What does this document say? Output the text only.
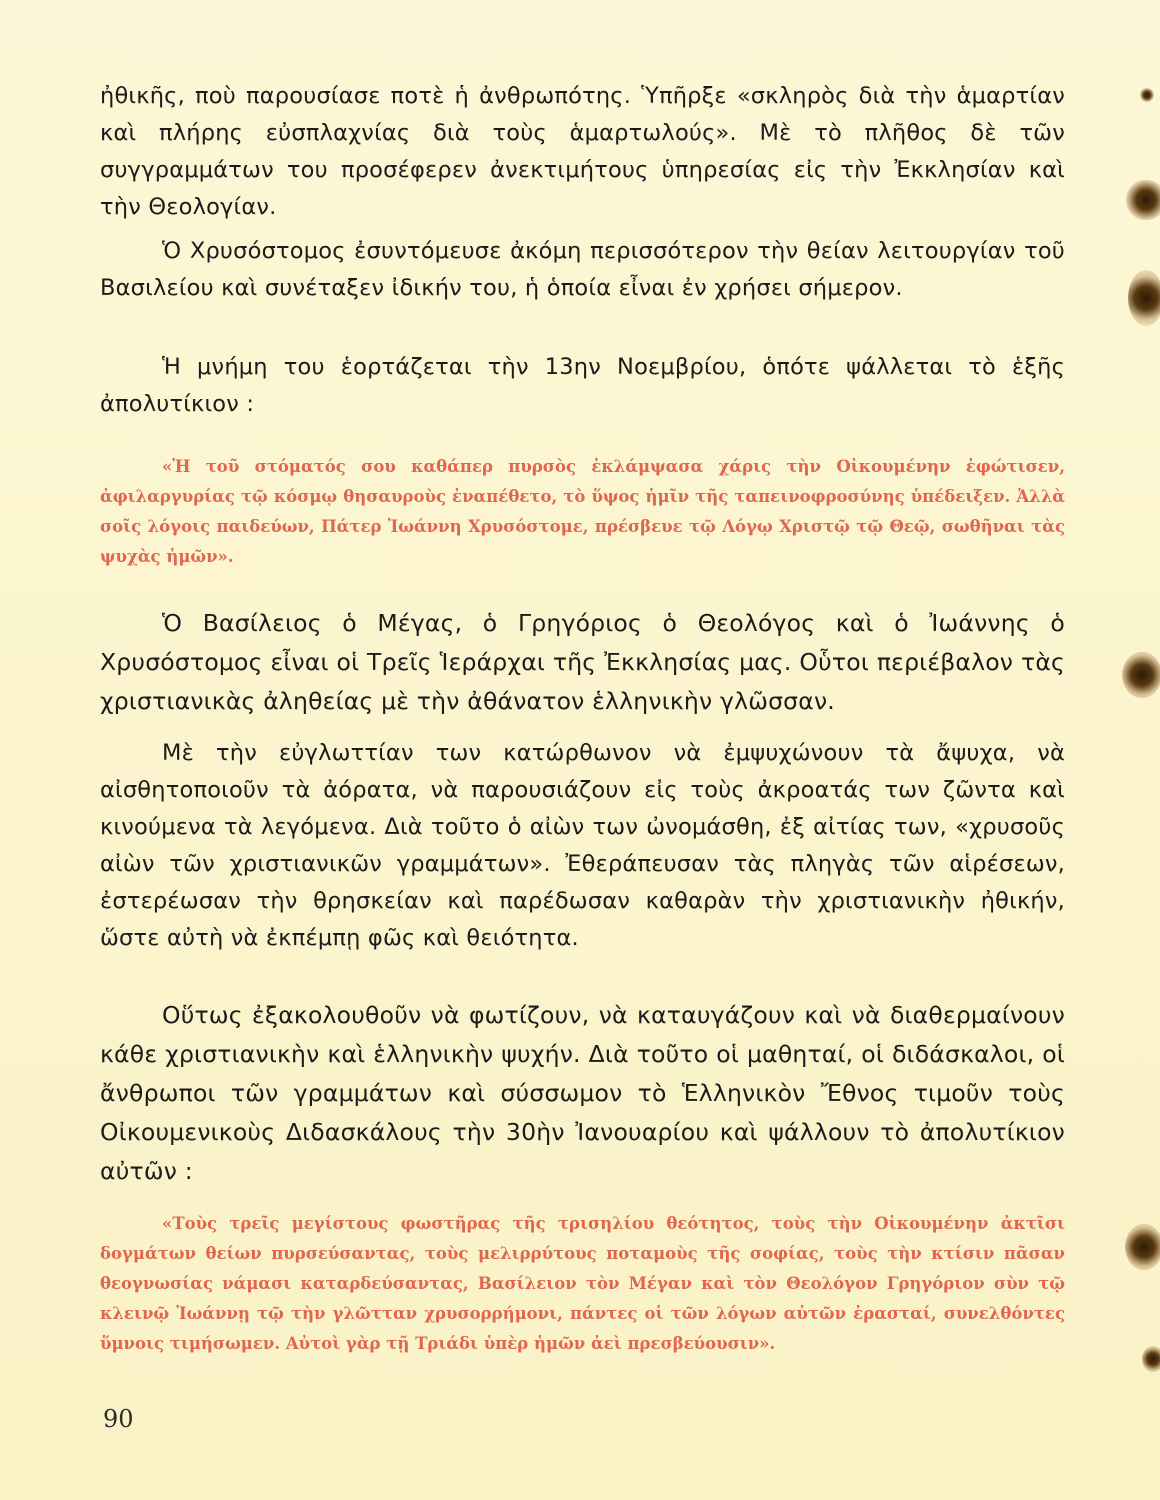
ἠθικῆς, ποὺ παρουσίασε ποτὲ ἡ ἀνθρωπότης. Ὑπῆρξε «σκληρὸς διὰ τὴν ἁμαρτίαν καὶ πλήρης εὐσπλαχνίας διὰ τοὺς ἁμαρτωλούς». Μὲ τὸ πλῆθος δὲ τῶν συγγραμμάτων του προσέφερεν ἀνεκτιμήτους ὑπηρεσίας εἰς τὴν Ἐκκλησίαν καὶ τὴν Θεολογίαν.

Ὁ Χρυσόστομος ἐσυντόμευσε ἀκόμη περισσότερον τὴν θείαν λειτουργίαν τοῦ Βασιλείου καὶ συνέταξεν ἰδικήν του, ἡ ὁποία εἶναι ἐν χρήσει σήμερον.

Ἡ μνήμη του ἑορτάζεται τὴν 13ην Νοεμβρίου, ὁπότε ψάλλεται τὸ ἑξῆς ἀπολυτίκιον :

«Ἡ τοῦ στόματός σου καθάπερ πυρσὸς ἐκλάμψασα χάρις τὴν Οἰκουμένην ἐφώτισεν, ἀφιλαργυρίας τῷ κόσμῳ θησαυροὺς ἐναπέθετο, τὸ ὕψος ἡμῖν τῆς ταπεινοφροσύνης ὑπέδειξεν. Ἀλλὰ σοῖς λόγοις παιδεύων, Πάτερ Ἰωάννη Χρυσόστομε, πρέσβευε τῷ Λόγῳ Χριστῷ τῷ Θεῷ, σωθῆναι τὰς ψυχὰς ἡμῶν».

Ὁ Βασίλειος ὁ Μέγας, ὁ Γρηγόριος ὁ Θεολόγος καὶ ὁ Ἰωάννης ὁ Χρυσόστομος εἶναι οἱ Τρεῖς Ἱεράρχαι τῆς Ἐκκλησίας μας. Οὗτοι περιέβαλον τὰς χριστιανικὰς ἀληθείας μὲ τὴν ἀθάνατον ἑλληνικὴν γλῶσσαν.

Μὲ τὴν εὐγλωττίαν των κατώρθωνον νὰ ἐμψυχώνουν τὰ ἄψυχα, νὰ αἰσθητοποιοῦν τὰ ἀόρατα, νὰ παρουσιάζουν εἰς τοὺς ἀκροατάς των ζῶντα καὶ κινούμενα τὰ λεγόμενα. Διὰ τοῦτο ὁ αἰὼν των ὠνομάσθη, ἐξ αἰτίας των, «χρυσοῦς αἰὼν τῶν χριστιανικῶν γραμμάτων». Ἐθεράπευσαν τὰς πληγὰς τῶν αἱρέσεων, ἐστερέωσαν τὴν θρησκείαν καὶ παρέδωσαν καθαρὰν τὴν χριστιανικὴν ἠθικήν, ὥστε αὐτὴ νὰ ἐκπέμπῃ φῶς καὶ θειότητα.

Οὕτως ἐξακολουθοῦν νὰ φωτίζουν, νὰ καταυγάζουν καὶ νὰ διαθερμαίνουν κάθε χριστιανικὴν καὶ ἑλληνικὴν ψυχήν. Διὰ τοῦτο οἱ μαθηταί, οἱ διδάσκαλοι, οἱ ἄνθρωποι τῶν γραμμάτων καὶ σύσσωμον τὸ Ἑλληνικὸν Ἔθνος τιμοῦν τοὺς Οἰκουμενικοὺς Διδασκάλους τὴν 30ὴν Ἰανουαρίου καὶ ψάλλουν τὸ ἀπολυτίκιον αὐτῶν :

«Τοὺς τρεῖς μεγίστους φωστῆρας τῆς τρισηλίου θεότητος, τοὺς τὴν Οἰκουμένην ἀκτῖσι δογμάτων θείων πυρσεύσαντας, τοὺς μελιρρύτους ποταμοὺς τῆς σοφίας, τοὺς τὴν κτίσιν πᾶσαν θεογνωσίας νάμασι καταρδεύσαντας, Βασίλειον τὸν Μέγαν καὶ τὸν Θεολόγον Γρηγόριον σὺν τῷ κλεινῷ Ἰωάννῃ τῷ τὴν γλῶτταν χρυσορρήμονι, πάντες οἱ τῶν λόγων αὐτῶν ἐρασταί, συνελθόντες ὕμνοις τιμήσωμεν. Αὐτοὶ γὰρ τῇ Τριάδι ὑπὲρ ἡμῶν ἀεὶ πρεσβεύουσιν».

90
